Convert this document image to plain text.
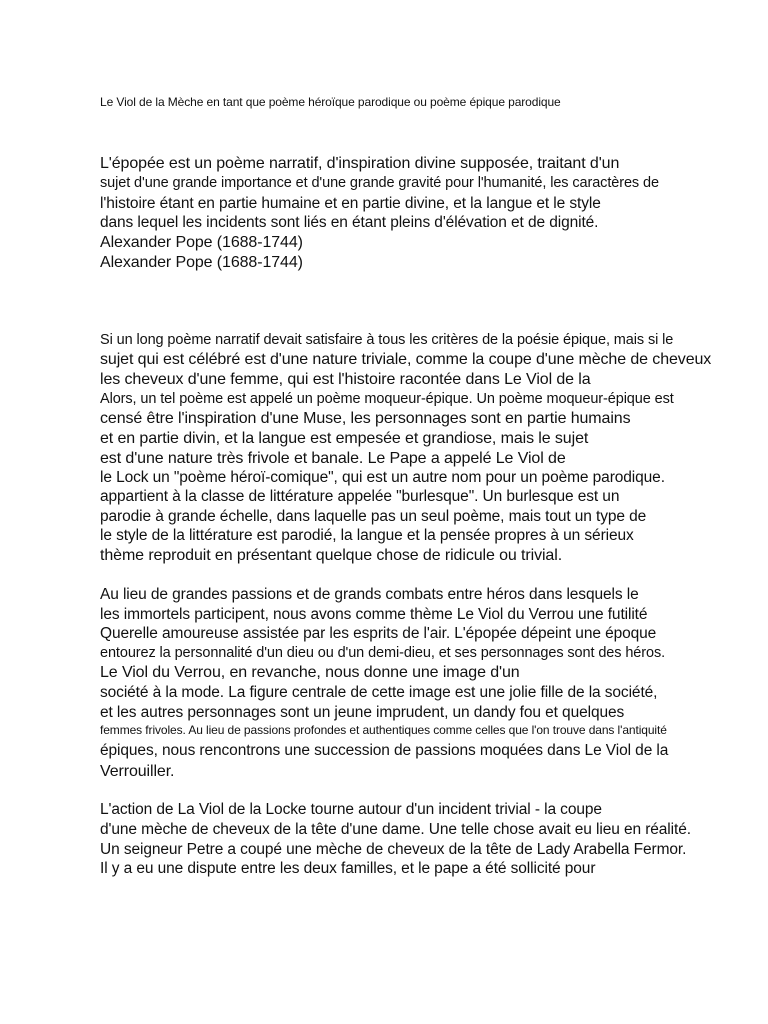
Le Viol de la Mèche en tant que poème héroïque parodique ou poème épique parodique
L'épopée est un poème narratif, d'inspiration divine supposée, traitant d'un
sujet d'une grande importance et d'une grande gravité pour l'humanité, les caractères de
l'histoire étant en partie humaine et en partie divine, et la langue et le style
dans lequel les incidents sont liés en étant pleins d'élévation et de dignité.
Alexander Pope (1688-1744)
Alexander Pope (1688-1744)
Si un long poème narratif devait satisfaire à tous les critères de la poésie épique, mais si le
sujet qui est célébré est d'une nature triviale, comme la coupe d'une mèche de cheveux
les cheveux d'une femme, qui est l'histoire racontée dans Le Viol de la
Alors, un tel poème est appelé un poème moqueur-épique. Un poème moqueur-épique est
censé être l'inspiration d'une Muse, les personnages sont en partie humains
et en partie divin, et la langue est empesée et grandiose, mais le sujet
est d'une nature très frivole et banale. Le Pape a appelé Le Viol de
le Lock un "poème héroï-comique", qui est un autre nom pour un poème parodique.
appartient à la classe de littérature appelée "burlesque". Un burlesque est un
parodie à grande échelle, dans laquelle pas un seul poème, mais tout un type de
le style de la littérature est parodié, la langue et la pensée propres à un sérieux
thème reproduit en présentant quelque chose de ridicule ou trivial.
Au lieu de grandes passions et de grands combats entre héros dans lesquels le
les immortels participent, nous avons comme thème Le Viol du Verrou une futilité
Querelle amoureuse assistée par les esprits de l'air. L'épopée dépeint une époque
entourez la personnalité d'un dieu ou d'un demi-dieu, et ses personnages sont des héros.
Le Viol du Verrou, en revanche, nous donne une image d'un
société à la mode. La figure centrale de cette image est une jolie fille de la société,
et les autres personnages sont un jeune imprudent, un dandy fou et quelques
femmes frivoles. Au lieu de passions profondes et authentiques comme celles que l'on trouve dans l'antiquité
épiques, nous rencontrons une succession de passions moquées dans Le Viol de la
Verrouiller.
L'action de La Viol de la Locke tourne autour d'un incident trivial - la coupe
d'une mèche de cheveux de la tête d'une dame. Une telle chose avait eu lieu en réalité.
Un seigneur Petre a coupé une mèche de cheveux de la tête de Lady Arabella Fermor.
Il y a eu une dispute entre les deux familles, et le pape a été sollicité pour
